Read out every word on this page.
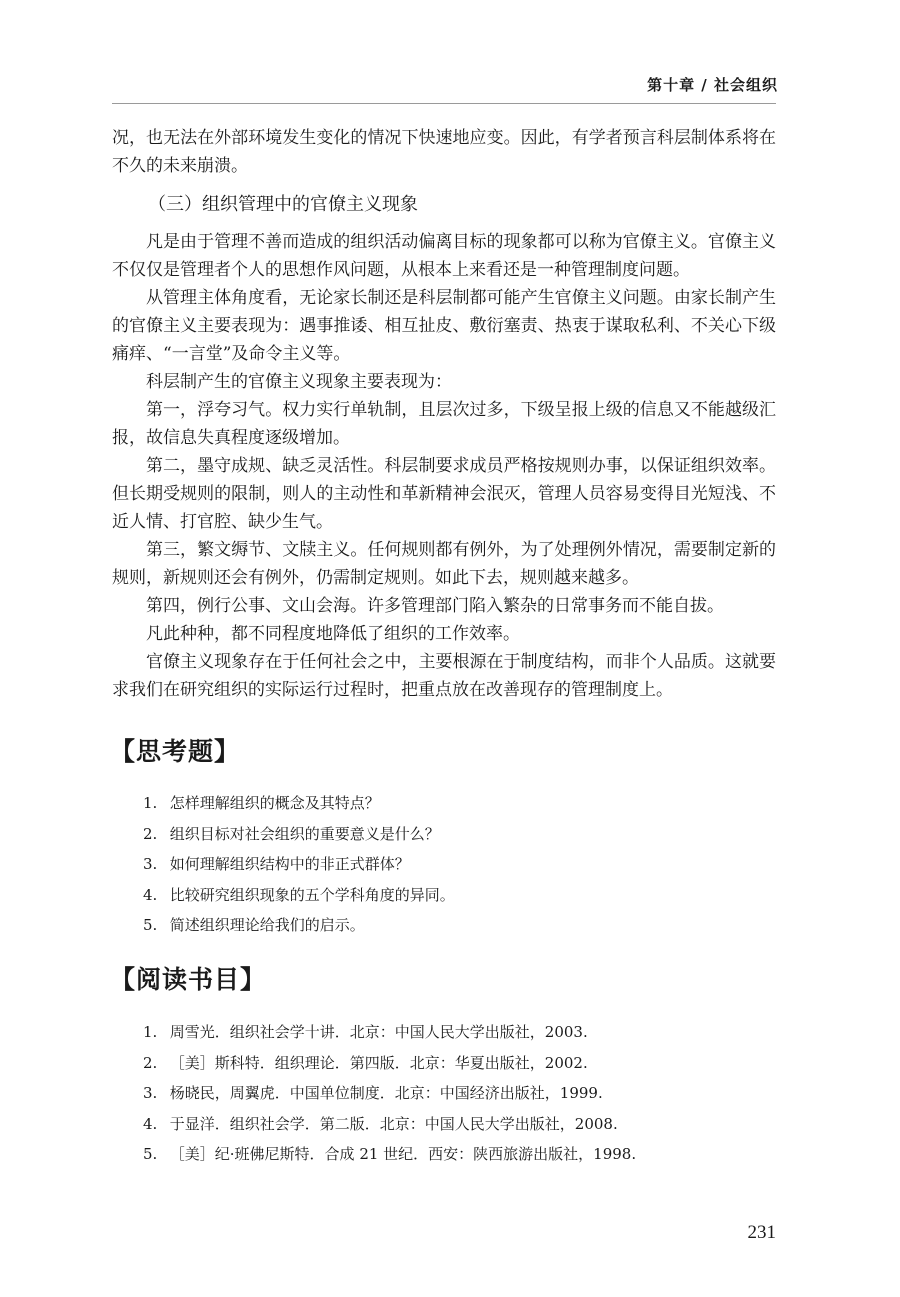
第十章 / 社会组织

况，也无法在外部环境发生变化的情况下快速地应变。因此，有学者预言科层制体系将在不久的未来崩溃。

（三）组织管理中的官僚主义现象

凡是由于管理不善而造成的组织活动偏离目标的现象都可以称为官僚主义。官僚主义不仅仅是管理者个人的思想作风问题，从根本上来看还是一种管理制度问题。

从管理主体角度看，无论家长制还是科层制都可能产生官僚主义问题。由家长制产生的官僚主义主要表现为：遇事推诿、相互扯皮、敷衍塞责、热衷于谋取私利、不关心下级痛痒、“一言堂”及命令主义等。

科层制产生的官僚主义现象主要表现为：

第一，浮夸习气。权力实行单轨制，且层次过多，下级呈报上级的信息又不能越级汇报，故信息失真程度逐级增加。

第二，墨守成规、缺乏灵活性。科层制要求成员严格按规则办事，以保证组织效率。但长期受规则的限制，则人的主动性和革新精神会泯灭，管理人员容易变得目光短浅、不近人情、打官腔、缺少生气。

第三，繁文缛节、文牍主义。任何规则都有例外，为了处理例外情况，需要制定新的规则，新规则还会有例外，仍需制定规则。如此下去，规则越来越多。

第四，例行公事、文山会海。许多管理部门陷入繁杂的日常事务而不能自拔。

凡此种种，都不同程度地降低了组织的工作效率。

官僚主义现象存在于任何社会之中，主要根源在于制度结构，而非个人品质。这就要求我们在研究组织的实际运行过程时，把重点放在改善现存的管理制度上。

【思考题】
1. 怎样理解组织的概念及其特点？
2. 组织目标对社会组织的重要意义是什么？
3. 如何理解组织结构中的非正式群体？
4. 比较研究组织现象的五个学科角度的异同。
5. 简述组织理论给我们的启示。
【阅读书目】
1. 周雪光．组织社会学十讲．北京：中国人民大学出版社，2003.
2. ［美］斯科特．组织理论．第四版．北京：华夏出版社，2002.
3. 杨晓民，周翼虎．中国单位制度．北京：中国经济出版社，1999.
4. 于显洋．组织社会学．第二版．北京：中国人民大学出版社，2008.
5. ［美］纪·班佛尼斯特．合成 21 世纪．西安：陕西旅游出版社，1998.
231
